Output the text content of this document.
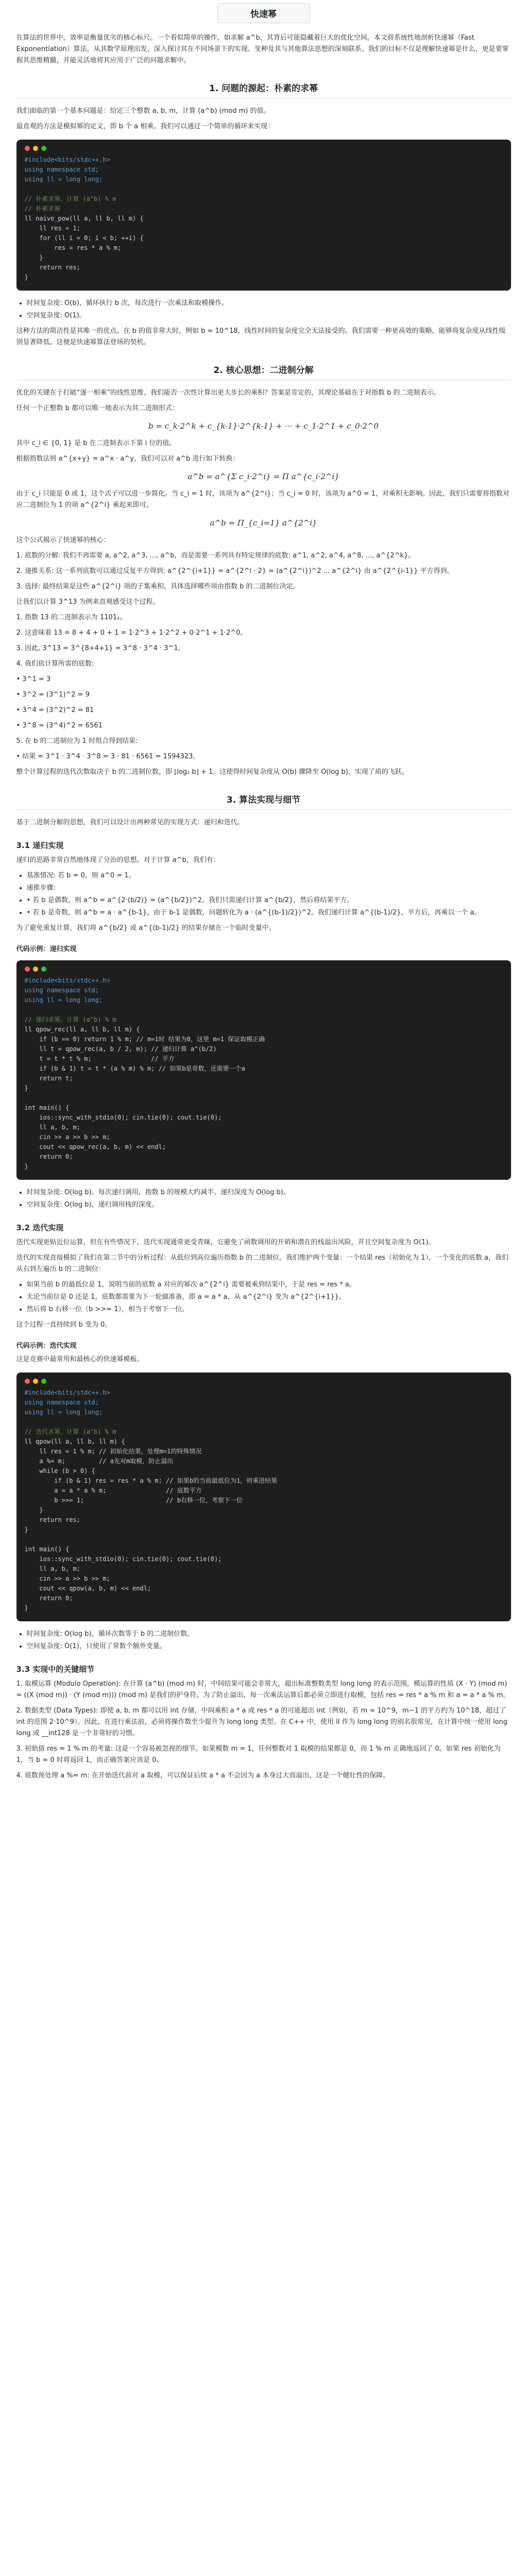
快速幂

在算法的世界中，效率是衡量优劣的核心标尺。一个看似简单的操作，如求解 a^b，其背后可能隐藏着巨大的优化空间。本文将系统性地剖析快速幂（Fast Exponentiation）算法，从其数学原理出发，深入探讨其在不同场景下的实现、变种及其与其他算法思想的深刻联系。我们的目标不仅是理解快速幂是什么，更是要掌握其思维精髓，并能灵活地将其应用于广泛的问题求解中。

1. 问题的源起：朴素的求幂

我们面临的第一个基本问题是：给定三个整数 a, b, m，计算 (a^b) (mod m) 的值。

最直观的方法是模拟幂的定义，即 b 个 a 相乘。我们可以通过一个简单的循环来实现：

#include<bits/stdc++.h>
using namespace std;
using ll = long long;
// 朴素求幂，计算 (a^b) % m
// 朴素求幂
ll naive_pow(ll a, ll b, ll m) {
ll res = 1;
for (ll i = 0; i < b; ++i) {
res = res * a % m;
}
return res;
}
• 时间复杂度: O(b)，循环执行 b 次，每次进行一次乘法和取模操作。
• 空间复杂度: O(1)。

这种方法的简洁性是其唯一的优点。在 b 的值非常大时，例如 b ≈ 10^18，线性时间的复杂度完全无法接受的。我们需要一种更高效的策略，能够将复杂度从线性级别显著降低。这便是快速幂算法登场的契机。

2. 核心思想：二进制分解

优化的关键在于打破“逐一相乘”的线性思维。我们能否一次性计算出更大步长的乘积？答案是肯定的，其理论基础在于对指数 b 的二进制表示。

任何一个正整数 b 都可以唯一地表示为其二进制形式：

b = c_k·2^k + c_{k-1}·2^{k-1} + ··· + c_1·2^1 + c_0·2^0

其中 c_i ∈ {0, 1} 是 b 在二进制表示下第 i 位的值。

根据指数法则 a^{x+y} = a^x · a^y，我们可以对 a^b 进行如下转换：

a^b = a^{Σ c_i·2^i} = Π a^{c_i·2^i}

由于 c_i 只能是 0 或 1，这个式子可以进一步简化。当 c_i = 1 时，该项为 a^{2^i}；当 c_i = 0 时，该项为 a^0 = 1，对乘积无影响。因此，我们只需要将指数对应二进制位为 1 的项 a^{2^i} 乘起来即可。

a^b = Π_{c_i=1} a^{2^i}

这个公式揭示了快速幂的核心：

1. 底数的分解: 我们不再需要 a, a^2, a^3, ..., a^b，而是需要一系列具有特定规律的底数: a^1, a^2, a^4, a^8, ..., a^{2^k}。

2. 递推关系: 这一系列底数可以通过反复平方得到: a^{2^{i+1}} = a^{2^i · 2} = (a^{2^i})^2 ... a^{2^i} 由 a^{2^{i-1}} 平方得到。

3. 选择: 最终结果是这些 a^{2^i} 项的子集乘积，具体选择哪些项由指数 b 的二进制位决定。

让我们以计算 3^13 为例来直观感受这个过程。

1. 指数 13 的二进制表示为 1101₂。

2. 这意味着 13 = 8 + 4 + 0 + 1 = 1·2^3 + 1·2^2 + 0·2^1 + 1·2^0。

3. 因此, 3^13 = 3^{8+4+1} = 3^8 · 3^4 · 3^1。

4. 我们依计算所需的底数:

• 3^1 = 3

• 3^2 = (3^1)^2 = 9

• 3^4 = (3^2)^2 = 81

• 3^8 = (3^4)^2 = 6561

5. 在 b 的二进制位为 1 时组合得到结果:

• 结果 = 3^1 · 3^4 · 3^8 = 3 · 81 · 6561 = 1594323。

整个计算过程的迭代次数取决于 b 的二进制位数，即 ⌊log₂ b⌋ + 1。这使得时间复杂度从 O(b) 骤降至 O(log b)，实现了质的飞跃。

3. 算法实现与细节

基于二进制分解的思想，我们可以设计出两种常见的实现方式：递归和迭代。

3.1 递归实现

递归的思路非常自然地体现了分治的思想。对于计算 a^b，我们有：

• 基准情况: 若 b = 0，则 a^0 = 1。
• 递推步骤:
• • 若 b 是偶数，则 a^b = a^{2·(b/2)} = (a^{b/2})^2。我们只需递归计算 a^{b/2}，然后将结果平方。
• • 若 b 是奇数，则 a^b = a · a^{b-1}，由于 b-1 是偶数，问题转化为 a · (a^{(b-1)/2})^2。我们递归计算 a^{(b-1)/2}，平方后，再乘以一个 a。

为了避免重复计算，我们将 a^{b/2} 或 a^{(b-1)/2} 的结果存储在一个临时变量中。

代码示例：递归实现
#include<bits/stdc++.h>
using namespace std;
using ll = long long;
// 递归求幂，计算 (a^b) % m
ll qpow_rec(ll a, ll b, ll m) {
if (b == 0) return 1 % m; // m=1时 结果为0，这里 m=1 保证取模正确
ll t = qpow_rec(a, b / 2, m); // 递归计算 a^(b/2)
t = t * t % m;                // 平方
if (b & 1) t = t * (a % m) % m; // 如果b是奇数，还需要一个a
return t;
}
int main() {
ios::sync_with_stdio(0); cin.tie(0); cout.tie(0);
ll a, b, m;
cin >> a >> b >> m;
cout << qpow_rec(a, b, m) << endl;
return 0;
}
• 时间复杂度: O(log b)。每次递归调用，指数 b 的规模大约减半。递归深度为 O(log b)。
• 空间复杂度: O(log b)，递归调用栈的深度。
3.2 迭代实现

迭代实现更贴近位运算，但在有些情况下，迭代实现通常更受青睐，它避免了函数调用的开销和潜在的栈溢出风险，并且空间复杂度为 O(1)。

迭代的实现直接模拟了我们在第二节中的分析过程：从低位到高位遍历指数 b 的二进制位。我们维护两个变量：一个结果 res（初始化为 1），一个变化的底数 a，我们从右到左遍历 b 的二进制位：

• 如果当前 b 的最低位是 1，说明当前的底数 a 对应的幂次 a^{2^i} 需要被乘到结果中，于是 res = res * a。
• 无论当前位是 0 还是 1，底数都需要为下一轮做准备，即 a = a * a，从 a^{2^i} 变为 a^{2^{i+1}}。
• 然后将 b 右移一位（b >>= 1），相当于考察下一位。

这个过程一直持续到 b 变为 0。

代码示例：迭代实现

这是竞赛中最常用和最核心的快速幂模板。

#include<bits/stdc++.h>
using namespace std;
using ll = long long;
// 迭代求幂，计算 (a^b) % m
ll qpow(ll a, ll b, ll m) {
ll res = 1 % m; // 初始化结果，处理m=1的特殊情况
a %= m;         // a先对m取模，防止溢出
while (b > 0) {
if (b & 1) res = res * a % m; // 如果b的当前最低位为1，则乘进结果
a = a * a % m;                // 底数平方
b >>= 1;                      // b右移一位，考察下一位
}
return res;
}
int main() {
ios::sync_with_stdio(0); cin.tie(0); cout.tie(0);
ll a, b, m;
cin >> a >> b >> m;
cout << qpow(a, b, m) << endl;
return 0;
}
• 时间复杂度: O(log b)，循环次数等于 b 的二进制位数。
• 空间复杂度: O(1)，只使用了常数个额外变量。
3.3 实现中的关键细节

1. 取模运算 (Modulo Operation): 在计算 (a^b) (mod m) 时，中间结果可能会非常大，超出标准整数类型 long long 的表示范围，模运算的性质 (X · Y) (mod m) = ((X (mod m)) · (Y (mod m))) (mod m) 是我们的护身符。为了防止溢出，每一次乘法运算后都必须立即进行取模，包括 res = res * a % m 和 a = a * a % m。

2. 数据类型 (Data Types): 即使 a, b, m 都可以用 int 存储，中间乘积 a * a 或 res * a 的可能超出 int（例如，若 m ≈ 10^9，m−1 的平方约为 10^18，超过了 int 的范围 2·10^9）。因此，在进行乘法前，必须将操作数至少提升为 long long 类型。在 C++ 中，使用 ll 作为 long long 的别名很常见，在计算中统一使用 long long 或 __int128 是一个非常好的习惯。

3. 初始值 res = 1 % m 的考量: 这是一个容易被忽视的细节。如果模数 m = 1，任何整数对 1 取模的结果都是 0，而 1 % m 正确地返回了 0。如果 res 初始化为 1，当 b = 0 时将返回 1，而正确答案应该是 0。

4. 底数预处理 a %= m: 在开始迭代前对 a 取模，可以保证后续 a * a 不会因为 a 本身过大而溢出，这是一个健壮性的保障。
